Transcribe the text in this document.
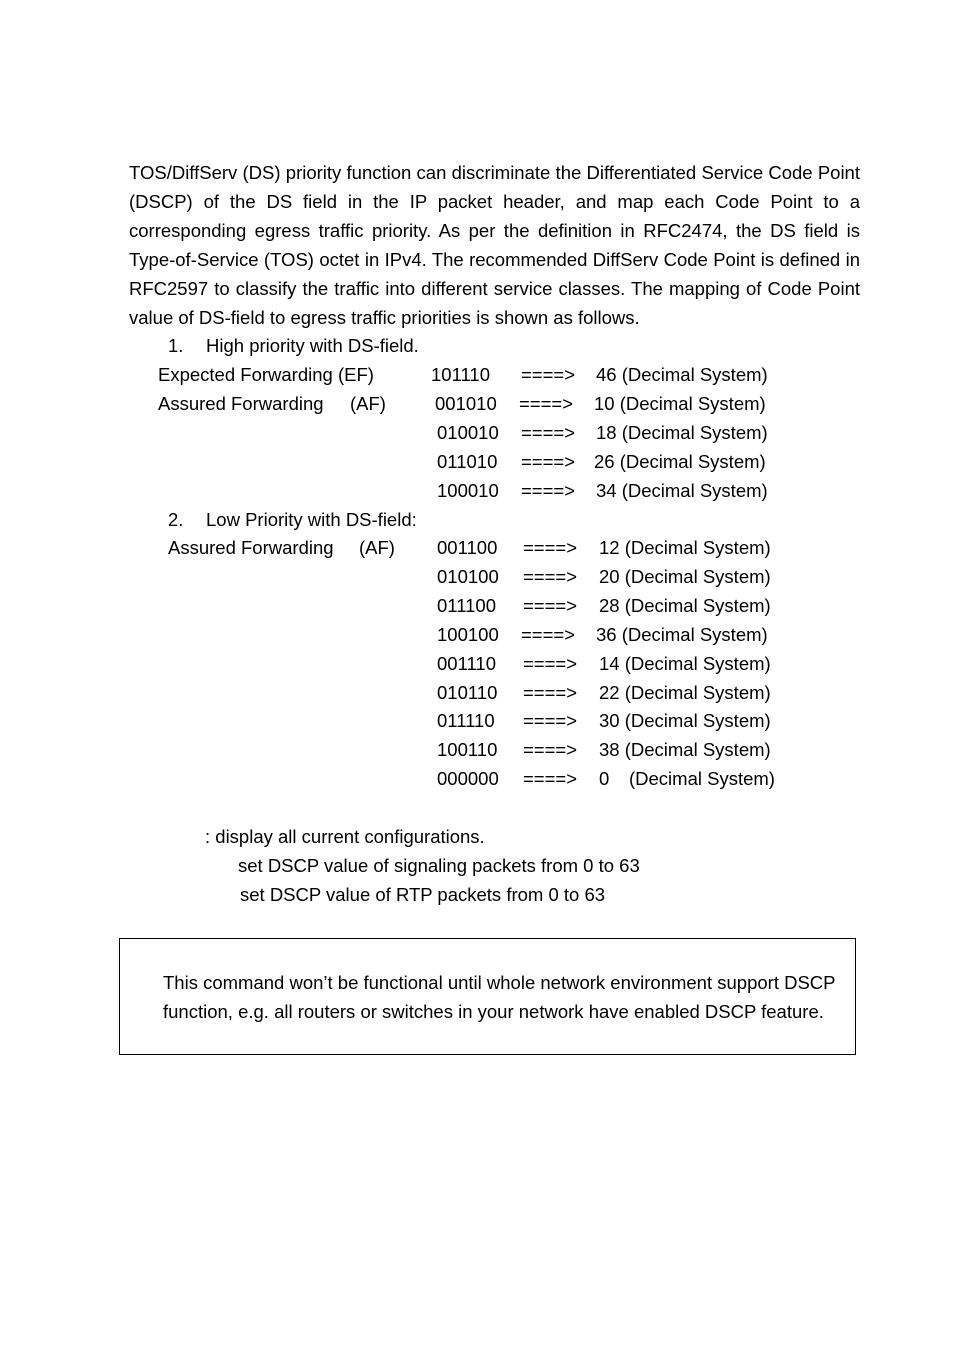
TOS/DiffServ (DS) priority function can discriminate the Differentiated Service Code Point (DSCP) of the DS field in the IP packet header, and map each Code Point to a corresponding egress traffic priority. As per the definition in RFC2474, the DS field is Type-of-Service (TOS) octet in IPv4. The recommended DiffServ Code Point is defined in RFC2597 to classify the traffic into different service classes. The mapping of Code Point value of DS-field to egress traffic priorities is shown as follows.

1. High priority with DS-field.
Expected Forwarding (EF)	101110 ====> 46 (Decimal System)
Assured Forwarding (AF)	001010 ====> 10 (Decimal System)
010010 ====> 18 (Decimal System)
011010 ====> 26 (Decimal System)
100010 ====> 34 (Decimal System)
2. Low Priority with DS-field:
Assured Forwarding (AF) 001100 ====> 12 (Decimal System)
010100 ====> 20 (Decimal System)
011100 ====> 28 (Decimal System)
100100 ====> 36 (Decimal System)
001110 ====> 14 (Decimal System)
010110 ====> 22 (Decimal System)
011110 ====> 30 (Decimal System)
100110 ====> 38 (Decimal System)
000000 ====> 0 (Decimal System)
: display all current configurations.
set DSCP value of signaling packets from 0 to 63
set DSCP value of RTP packets from 0 to 63

This command won’t be functional until whole network environment support DSCP function, e.g. all routers or switches in your network have enabled DSCP feature.
